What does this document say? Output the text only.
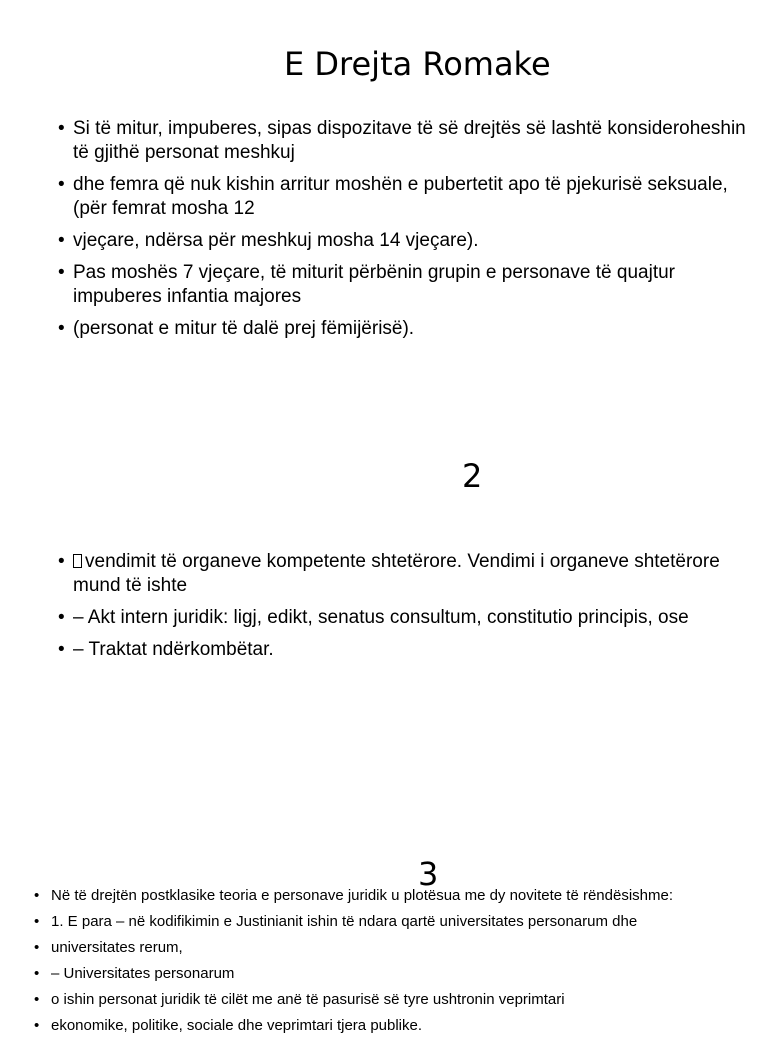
E Drejta Romake
• Si të mitur, impuberes, sipas dispozitave të së drejtës së lashtë konsideroheshin të gjithë personat meshkuj
• dhe femra që nuk kishin arritur moshën e pubertetit apo të pjekurisë seksuale, (për femrat mosha 12
• vjeçare, ndërsa për meshkuj mosha 14 vjeçare).
• Pas moshës 7 vjeçare, të miturit përbënin grupin e personave të quajtur impuberes infantia majores
• (personat e mitur të dalë prej fëmijërisë).
2
• vendimit të organeve kompetente shtetërore. Vendimi i organeve shtetërore mund të ishte
• – Akt intern juridik: ligj, edikt, senatus consultum, constitutio principis, ose
• – Traktat ndërkombëtar.
3
• Në të drejtën postklasike teoria e personave juridik u plotësua me dy novitete të rëndësishme:
• 1. E para – në kodifikimin e Justinianit ishin të ndara qartë universitates personarum dhe
• universitates rerum,
• – Universitates personarum
• o ishin personat juridik të cilët me anë të pasurisë së tyre ushtronin veprimtari
• ekonomike, politike, sociale dhe veprimtari tjera publike.
